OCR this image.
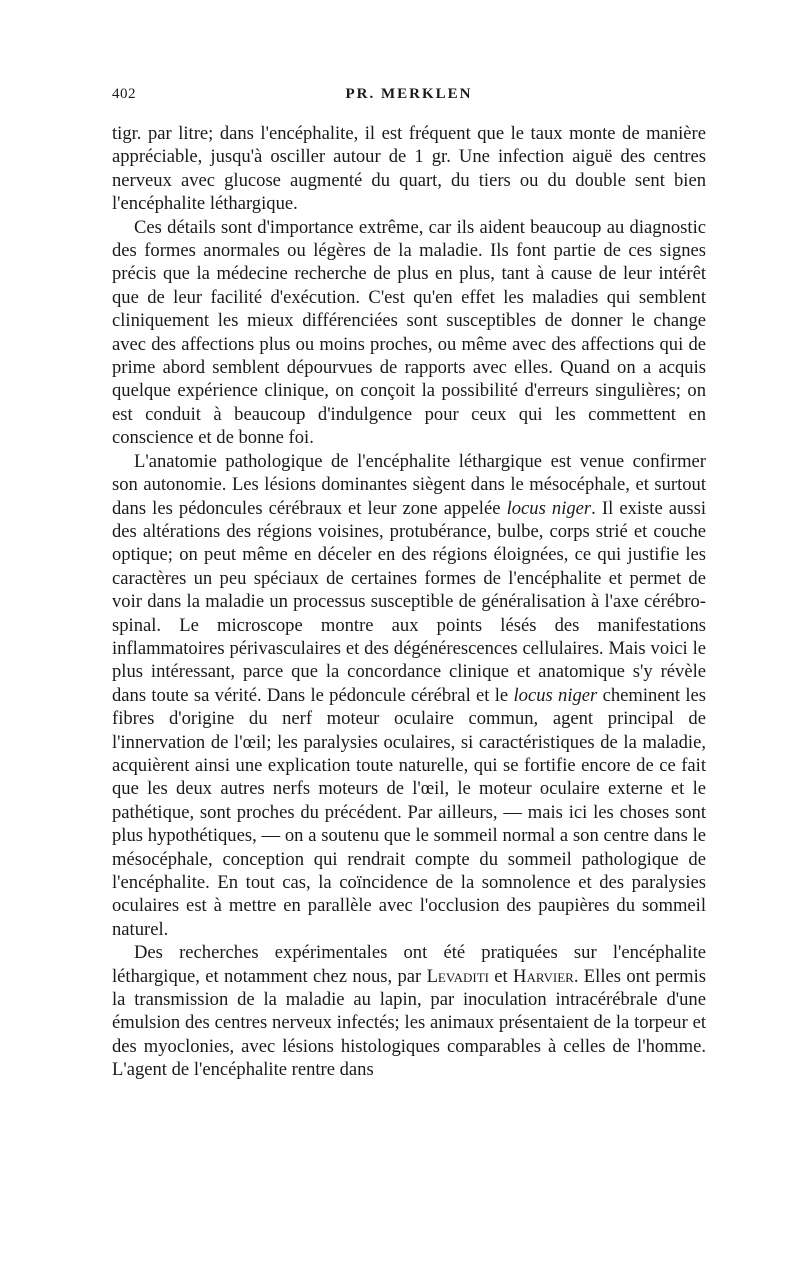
402	PR. MERKLEN

tigr. par litre; dans l'encéphalite, il est fréquent que le taux monte de manière appréciable, jusqu'à osciller autour de 1 gr. Une infection aiguë des centres nerveux avec glucose augmenté du quart, du tiers ou du double sent bien l'encéphalite léthargique.

Ces détails sont d'importance extrême, car ils aident beaucoup au diagnostic des formes anormales ou légères de la maladie. Ils font partie de ces signes précis que la médecine recherche de plus en plus, tant à cause de leur intérêt que de leur facilité d'exécution. C'est qu'en effet les maladies qui semblent cliniquement les mieux différenciées sont susceptibles de donner le change avec des affections plus ou moins proches, ou même avec des affections qui de prime abord semblent dépourvues de rapports avec elles. Quand on a acquis quelque expérience clinique, on conçoit la possibilité d'erreurs singulières; on est conduit à beaucoup d'indulgence pour ceux qui les commettent en conscience et de bonne foi.

L'anatomie pathologique de l'encéphalite léthargique est venue confirmer son autonomie. Les lésions dominantes siègent dans le mésocéphale, et surtout dans les pédoncules cérébraux et leur zone appelée locus niger. Il existe aussi des altérations des régions voisines, protubérance, bulbe, corps strié et couche optique; on peut même en déceler en des régions éloignées, ce qui justifie les caractères un peu spéciaux de certaines formes de l'encéphalite et permet de voir dans la maladie un processus susceptible de généralisation à l'axe cérébro-spinal. Le microscope montre aux points lésés des manifestations inflammatoires périvasculaires et des dégénérescences cellulaires. Mais voici le plus intéressant, parce que la concordance clinique et anatomique s'y révèle dans toute sa vérité. Dans le pédoncule cérébral et le locus niger cheminent les fibres d'origine du nerf moteur oculaire commun, agent principal de l'innervation de l'œil; les paralysies oculaires, si caractéristiques de la maladie, acquièrent ainsi une explication toute naturelle, qui se fortifie encore de ce fait que les deux autres nerfs moteurs de l'œil, le moteur oculaire externe et le pathétique, sont proches du précédent. Par ailleurs, — mais ici les choses sont plus hypothétiques, — on a soutenu que le sommeil normal a son centre dans le mésocéphale, conception qui rendrait compte du sommeil pathologique de l'encéphalite. En tout cas, la coïncidence de la somnolence et des paralysies oculaires est à mettre en parallèle avec l'occlusion des paupières du sommeil naturel.

Des recherches expérimentales ont été pratiquées sur l'encéphalite léthargique, et notamment chez nous, par Levaditi et Harvier. Elles ont permis la transmission de la maladie au lapin, par inoculation intracérébrale d'une émulsion des centres nerveux infectés; les animaux présentaient de la torpeur et des myoclonies, avec lésions histologiques comparables à celles de l'homme. L'agent de l'encéphalite rentre dans
